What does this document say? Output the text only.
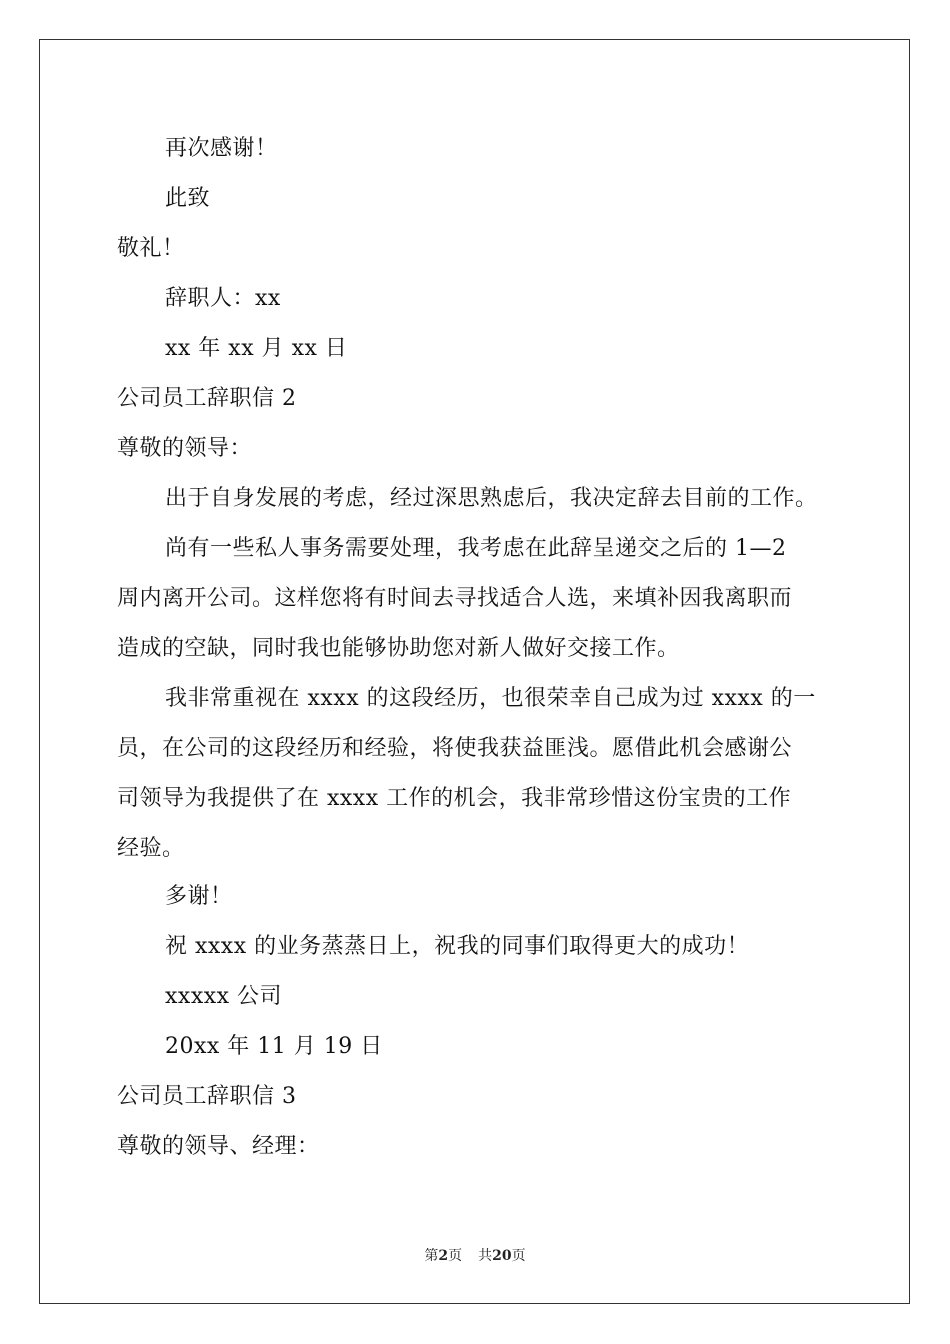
再次感谢！
此致
敬礼！
辞职人：xx
xx 年 xx 月 xx 日
公司员工辞职信 2
尊敬的领导：
出于自身发展的考虑，经过深思熟虑后，我决定辞去目前的工作。
尚有一些私人事务需要处理，我考虑在此辞呈递交之后的 1—2
周内离开公司。这样您将有时间去寻找适合人选，来填补因我离职而
造成的空缺，同时我也能够协助您对新人做好交接工作。
我非常重视在 xxxx 的这段经历，也很荣幸自己成为过 xxxx 的一
员，在公司的这段经历和经验，将使我获益匪浅。愿借此机会感谢公
司领导为我提供了在 xxxx 工作的机会，我非常珍惜这份宝贵的工作
经验。
多谢！
祝 xxxx 的业务蒸蒸日上，祝我的同事们取得更大的成功！
xxxxx 公司
20xx 年 11 月 19 日
公司员工辞职信 3
尊敬的领导、经理：
第2页 共20页
